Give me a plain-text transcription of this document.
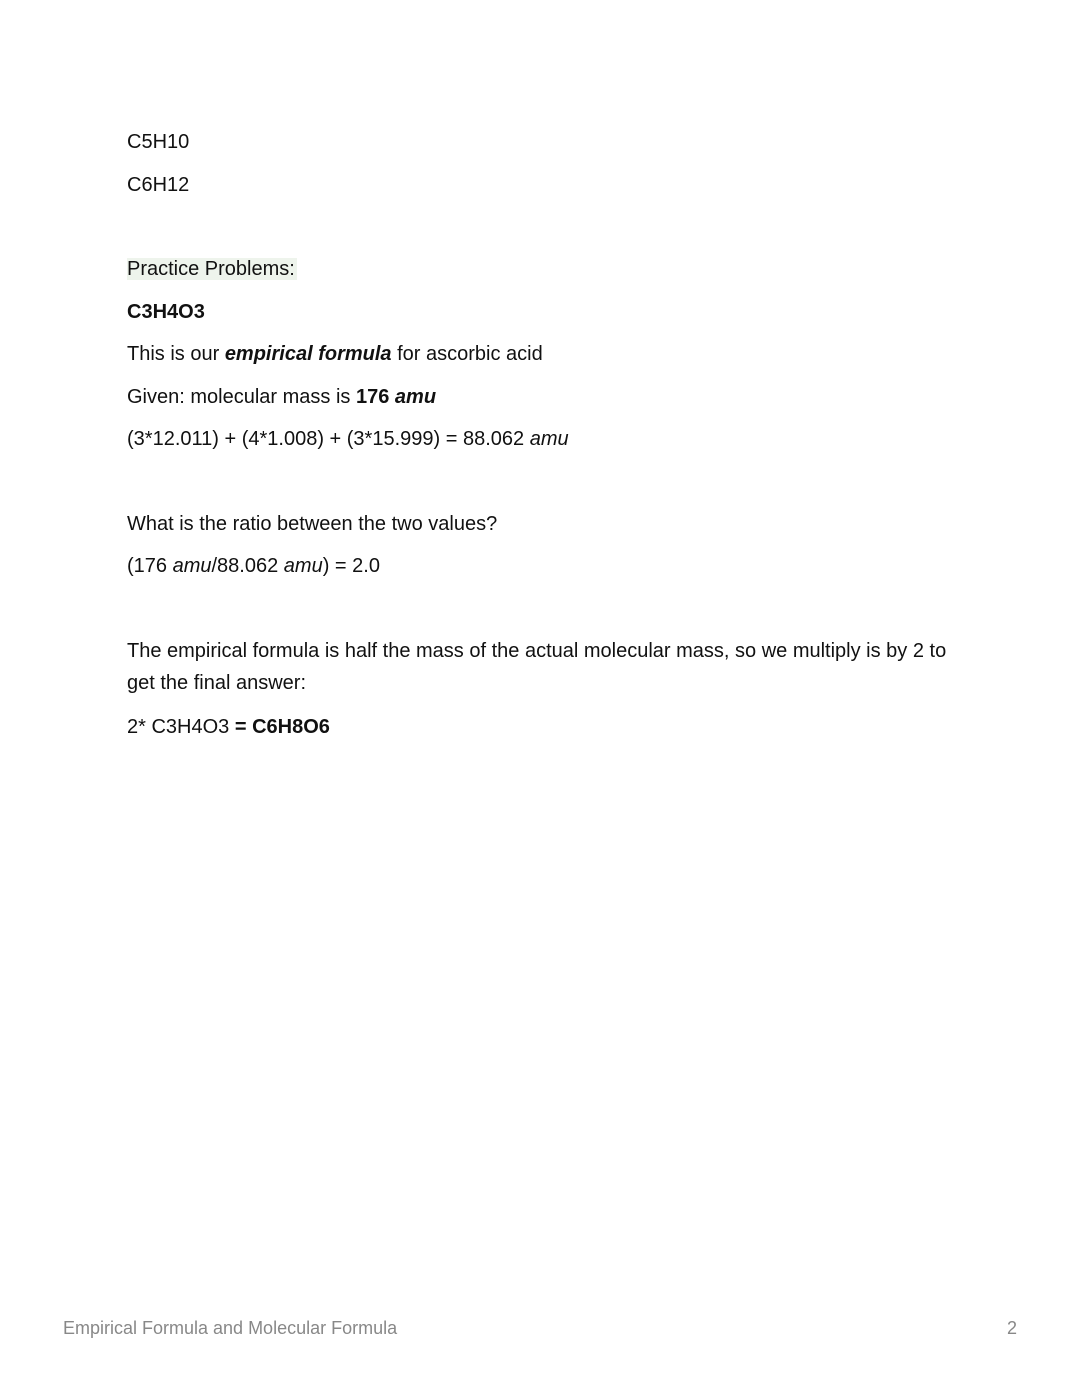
C5H10
C6H12
Practice Problems:
C3H4O3
This is our empirical formula for ascorbic acid
Given: molecular mass is 176 amu
(3*12.011) + (4*1.008) + (3*15.999) = 88.062 amu
What is the ratio between the two values?
(176 amu/88.062 amu) = 2.0
The empirical formula is half the mass of the actual molecular mass, so we multiply is by 2 to get the final answer:
2* C3H4O3 = C6H8O6
Empirical Formula and Molecular Formula	2
